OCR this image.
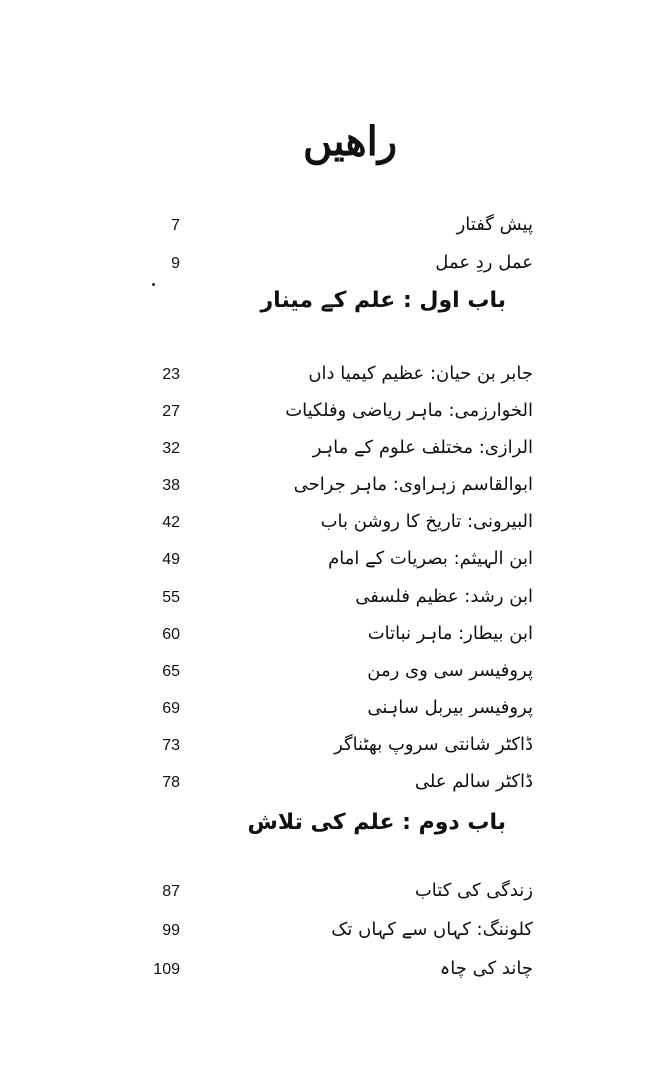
راھیں
پیش گفتار
7
عمل ردِ عمل
9
باب اول : علم کے مینار
جابر بن حیان: عظیم کیمیا داں
23
الخوارزمی: ماہر ریاضی وفلکیات
27
الرازی: مختلف علوم کے ماہر
32
ابوالقاسم زہراوی: ماہر جراحی
38
البیرونی: تاریخ کا روشن باب
42
ابن الہیثم: بصریات کے امام
49
ابن رشد: عظیم فلسفی
55
ابن بیطار: ماہر نباتات
60
پروفیسر سی وی رمن
65
پروفیسر بیربل ساہنی
69
ڈاکٹر شانتی سروپ بھٹناگر
73
ڈاکٹر سالم علی
78
باب دوم : علم کی تلاش
زندگی کی کتاب
87
کلوننگ: کہاں سے کہاں تک
99
چاند کی چاہ
109
